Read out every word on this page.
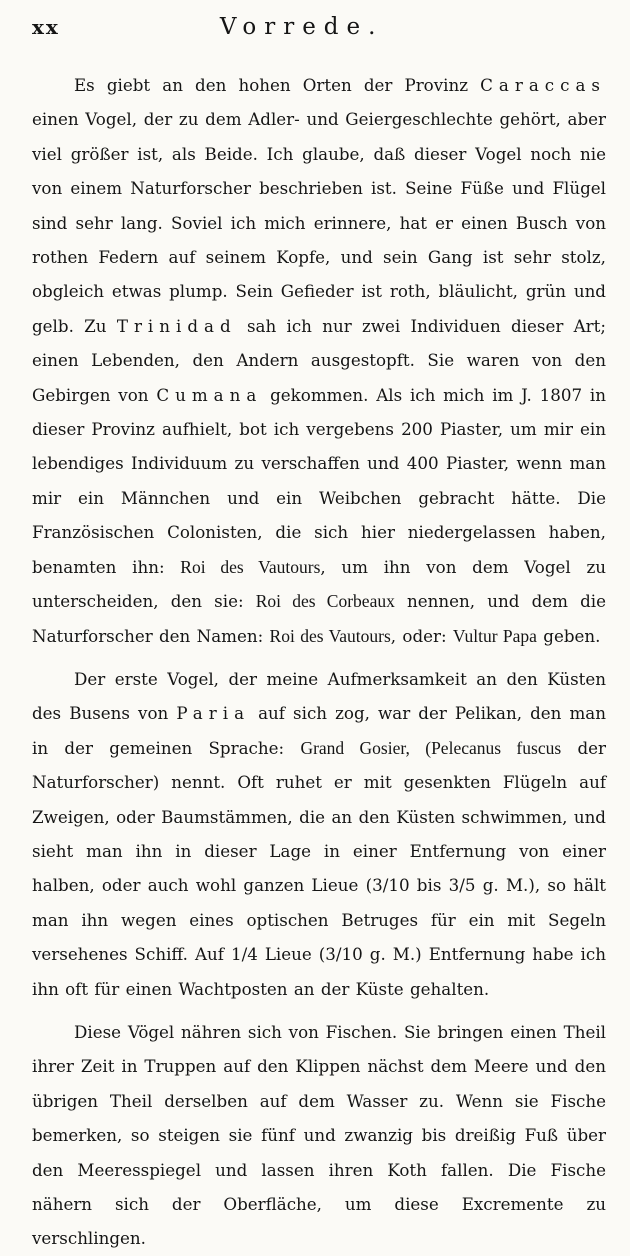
xx	Vorrede.

Es giebt an den hohen Orten der Provinz Caraccas einen Vogel, der zu dem Adler- und Geiergeschlechte gehört, aber viel größer ist, als Beide. Ich glaube, daß dieser Vogel noch nie von einem Naturforscher beschrieben ist. Seine Füße und Flügel sind sehr lang. Soviel ich mich erinnere, hat er einen Busch von rothen Federn auf seinem Kopfe, und sein Gang ist sehr stolz, obgleich etwas plump. Sein Gefieder ist roth, bläulicht, grün und gelb. Zu Trinidad sah ich nur zwei Individuen dieser Art; einen Lebenden, den Andern ausgestopft. Sie waren von den Gebirgen von Cumana gekommen. Als ich mich im J. 1807 in dieser Provinz aufhielt, bot ich vergebens 200 Piaster, um mir ein lebendiges Individuum zu verschaffen und 400 Piaster, wenn man mir ein Männchen und ein Weibchen gebracht hätte. Die Französischen Colonisten, die sich hier niedergelassen haben, benamten ihn: Roi des Vautours, um ihn von dem Vogel zu unterscheiden, den sie: Roi des Corbeaux nennen, und dem die Naturforscher den Namen: Roi des Vautours, oder: Vultur Papa geben.

Der erste Vogel, der meine Aufmerksamkeit an den Küsten des Busens von Paria auf sich zog, war der Pelikan, den man in der gemeinen Sprache: Grand Gosier, (Pelecanus fuscus der Naturforscher) nennt. Oft ruhet er mit gesenkten Flügeln auf Zweigen, oder Baumstämmen, die an den Küsten schwimmen, und sieht man ihn in dieser Lage in einer Entfernung von einer halben, oder auch wohl ganzen Lieue (3/10 bis 3/5 g. M.), so hält man ihn wegen eines optischen Betruges für ein mit Segeln versehenes Schiff. Auf 1/4 Lieue (3/10 g. M.) Entfernung habe ich ihn oft für einen Wachtposten an der Küste gehalten.

Diese Vögel nähren sich von Fischen. Sie bringen einen Theil ihrer Zeit in Truppen auf den Klippen nächst dem Meere und den übrigen Theil derselben auf dem Wasser zu. Wenn sie Fische bemerken, so steigen sie fünf und zwanzig bis dreißig Fuß über den Meeresspiegel und lassen ihren Koth fallen. Die Fische nähern sich der Oberfläche, um diese Excremente zu verschlingen.
